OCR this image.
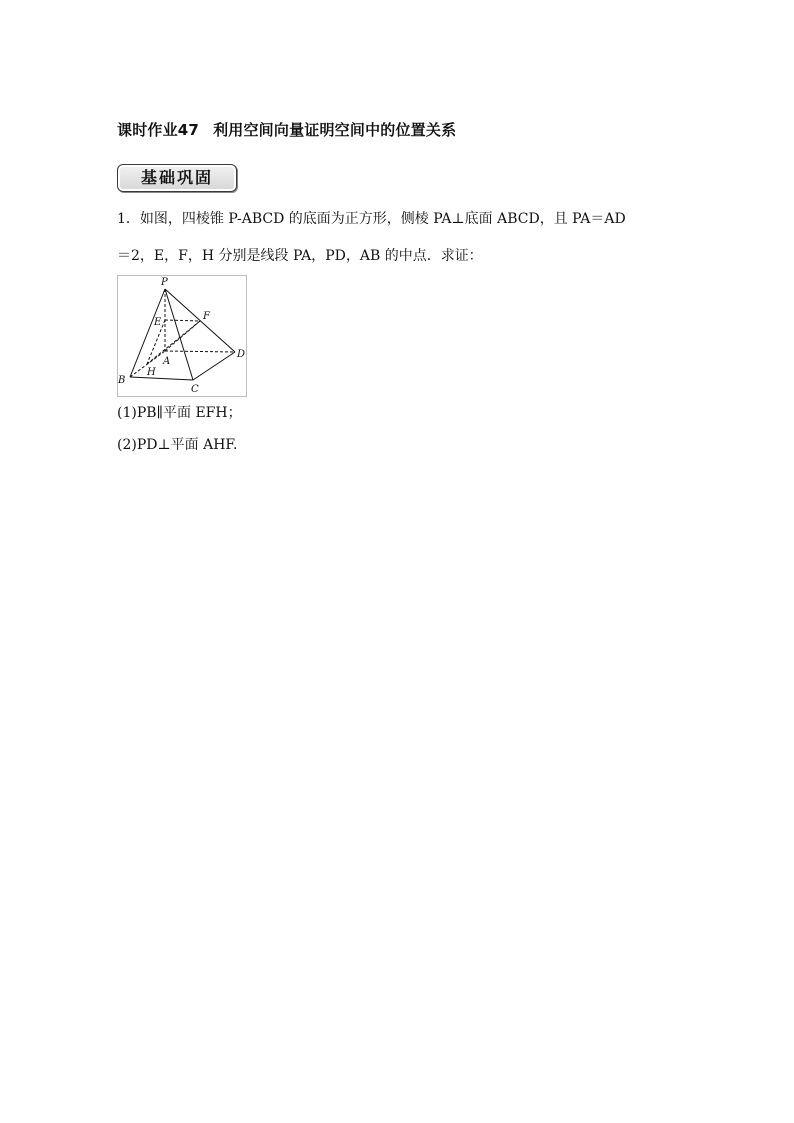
课时作业47 利用空间向量证明空间中的位置关系
基础巩固
1．如图，四棱锥 P-ABCD 的底面为正方形，侧棱 PA⊥底面 ABCD，且 PA＝AD
＝2，E，F，H 分别是线段 PA，PD，AB 的中点．求证：
P
E
F
A
D
H
B
C
(1)PB∥平面 EFH；
(2)PD⊥平面 AHF.
